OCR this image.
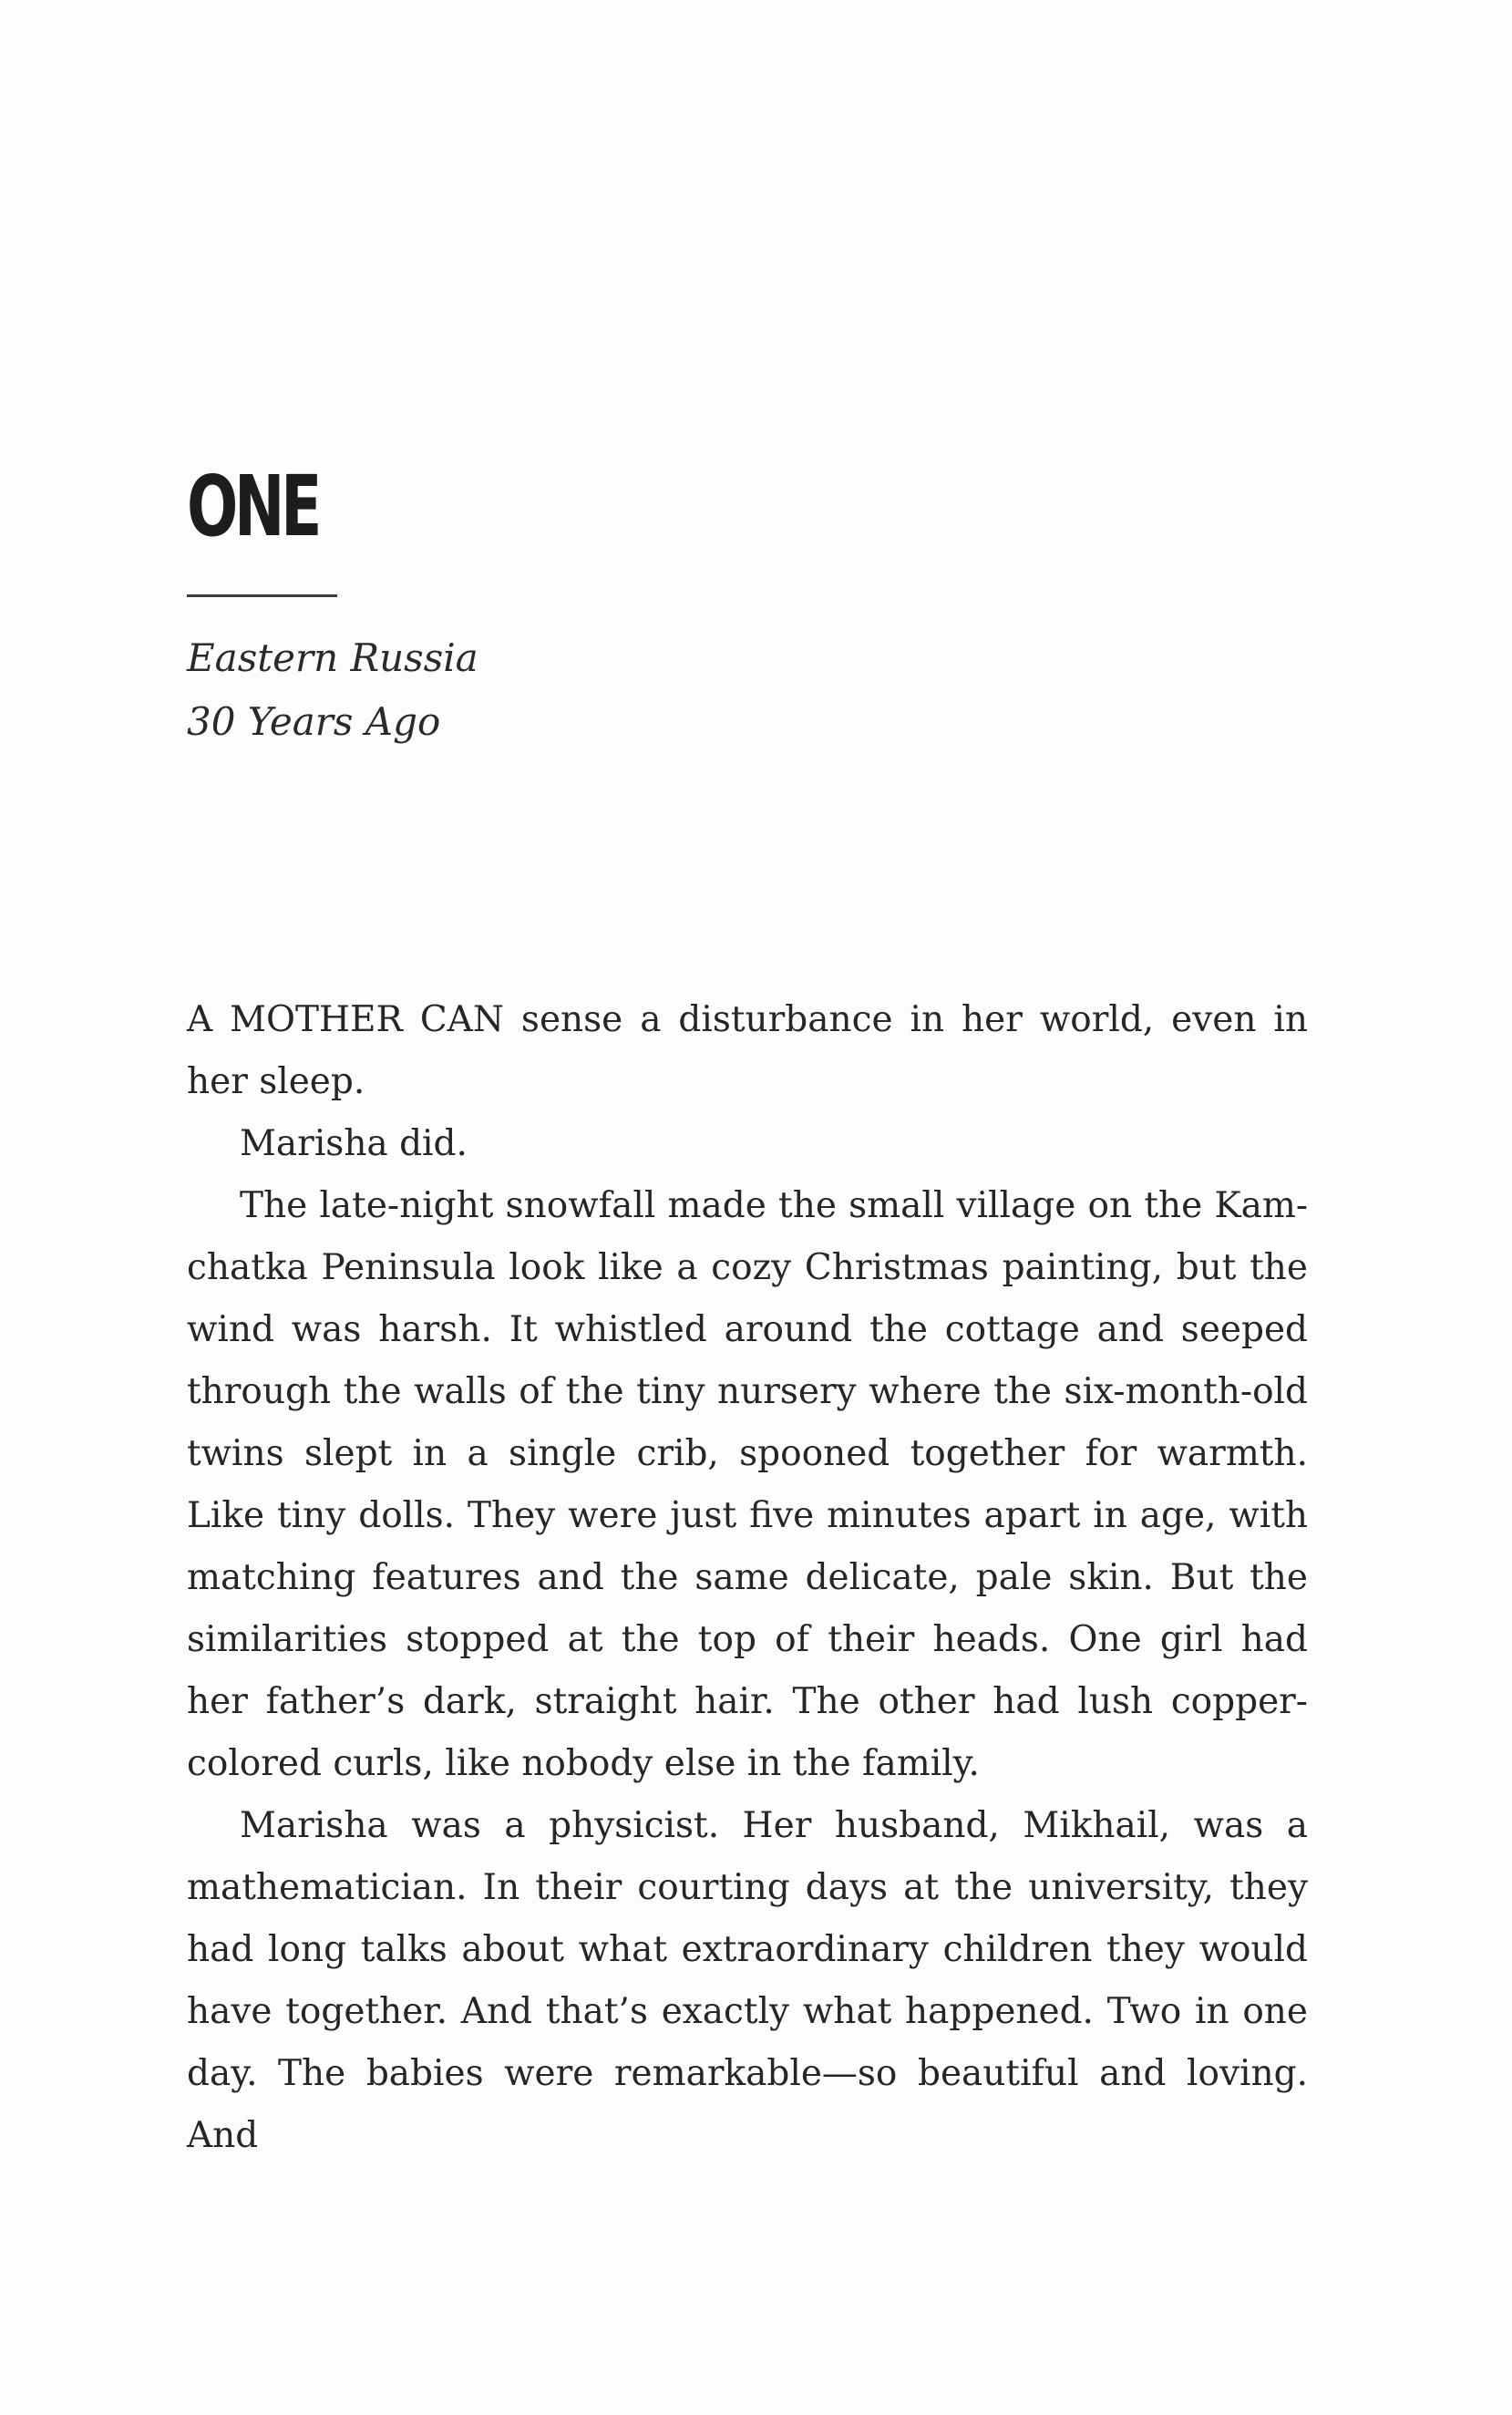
ONE
Eastern Russia
30 Years Ago

A MOTHER CAN sense a disturbance in her world, even in her sleep.

Marisha did.

The late-night snowfall made the small village on the Kamchatka Peninsula look like a cozy Christmas painting, but the wind was harsh. It whistled around the cottage and seeped through the walls of the tiny nursery where the six-month-old twins slept in a single crib, spooned together for warmth. Like tiny dolls. They were just five minutes apart in age, with matching features and the same delicate, pale skin. But the similarities stopped at the top of their heads. One girl had her father’s dark, straight hair. The other had lush copper-colored curls, like nobody else in the family.

Marisha was a physicist. Her husband, Mikhail, was a mathematician. In their courting days at the university, they had long talks about what extraordinary children they would have together. And that’s exactly what happened. Two in one day. The babies were remarkable—so beautiful and loving. And
